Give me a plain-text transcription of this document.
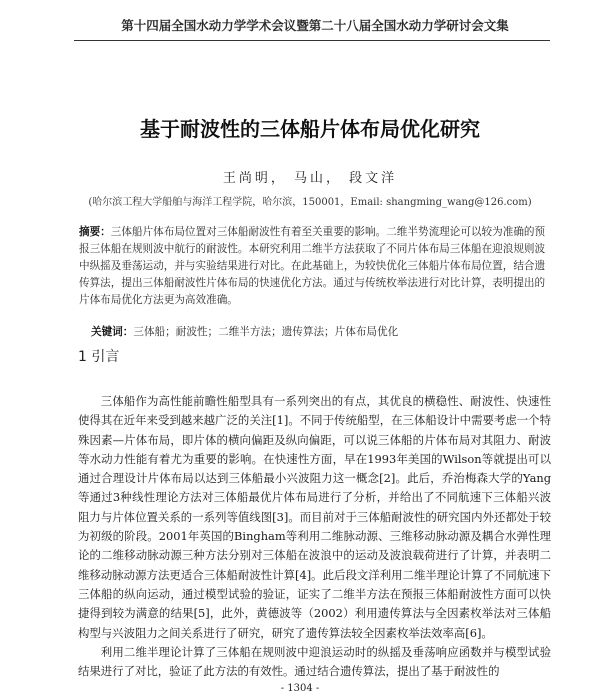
第十四届全国水动力学学术会议暨第二十八届全国水动力学研讨会文集
基于耐波性的三体船片体布局优化研究
王尚明， 马山， 段文洋
(哈尔滨工程大学船舶与海洋工程学院，哈尔滨，150001，Email: shangming_wang@126.com)

摘要：三体船片体布局位置对三体船耐波性有着至关重要的影响。二维半势流理论可以较为准确的预报三体船在规则波中航行的耐波性。本研究利用二维半方法获取了不同片体布局三体船在迎浪规则波中纵摇及垂荡运动，并与实验结果进行对比。在此基础上，为较快优化三体船片体布局位置，结合遗传算法，提出三体船耐波性片体布局的快速优化方法。通过与传统枚举法进行对比计算，表明提出的片体布局优化方法更为高效准确。

关键词：三体船；耐波性；二维半方法；遗传算法；片体布局优化
1 引言

三体船作为高性能前瞻性船型具有一系列突出的有点，其优良的横稳性、耐波性、快速性使得其在近年来受到越来越广泛的关注[1]。不同于传统船型，在三体船设计中需要考虑一个特殊因素—片体布局，即片体的横向偏距及纵向偏距，可以说三体船的片体布局对其阻力、耐波等水动力性能有着尤为重要的影响。在快速性方面，早在1993年美国的Wilson等就提出可以通过合理设计片体布局以达到三体船最小兴波阻力这一概念[2]。此后，乔治梅森大学的Yang等通过3种线性理论方法对三体船最优片体布局进行了分析，并给出了不同航速下三体船兴波阻力与片体位置关系的一系列等值线图[3]。而目前对于三体船耐波性的研究国内外还都处于较为初级的阶段。2001年英国的Bingham等利用二维脉动源、三维移动脉动源及耦合水弹性理论的二维移动脉动源三种方法分别对三体船在波浪中的运动及波浪载荷进行了计算，并表明二维移动脉动源方法更适合三体船耐波性计算[4]。此后段文洋利用二维半理论计算了不同航速下三体船的纵向运动，通过模型试验的验证，证实了二维半方法在预报三体船耐波性方面可以快捷得到较为满意的结果[5]，此外，黄德波等（2002）利用遗传算法与全因素枚举法对三体船构型与兴波阻力之间关系进行了研究，研究了遗传算法较全因素枚举法效率高[6]。

利用二维半理论计算了三体船在规则波中迎浪运动时的纵摇及垂荡响应函数并与模型试验结果进行了对比，验证了此方法的有效性。通过结合遗传算法，提出了基于耐波性的

- 1304 -
